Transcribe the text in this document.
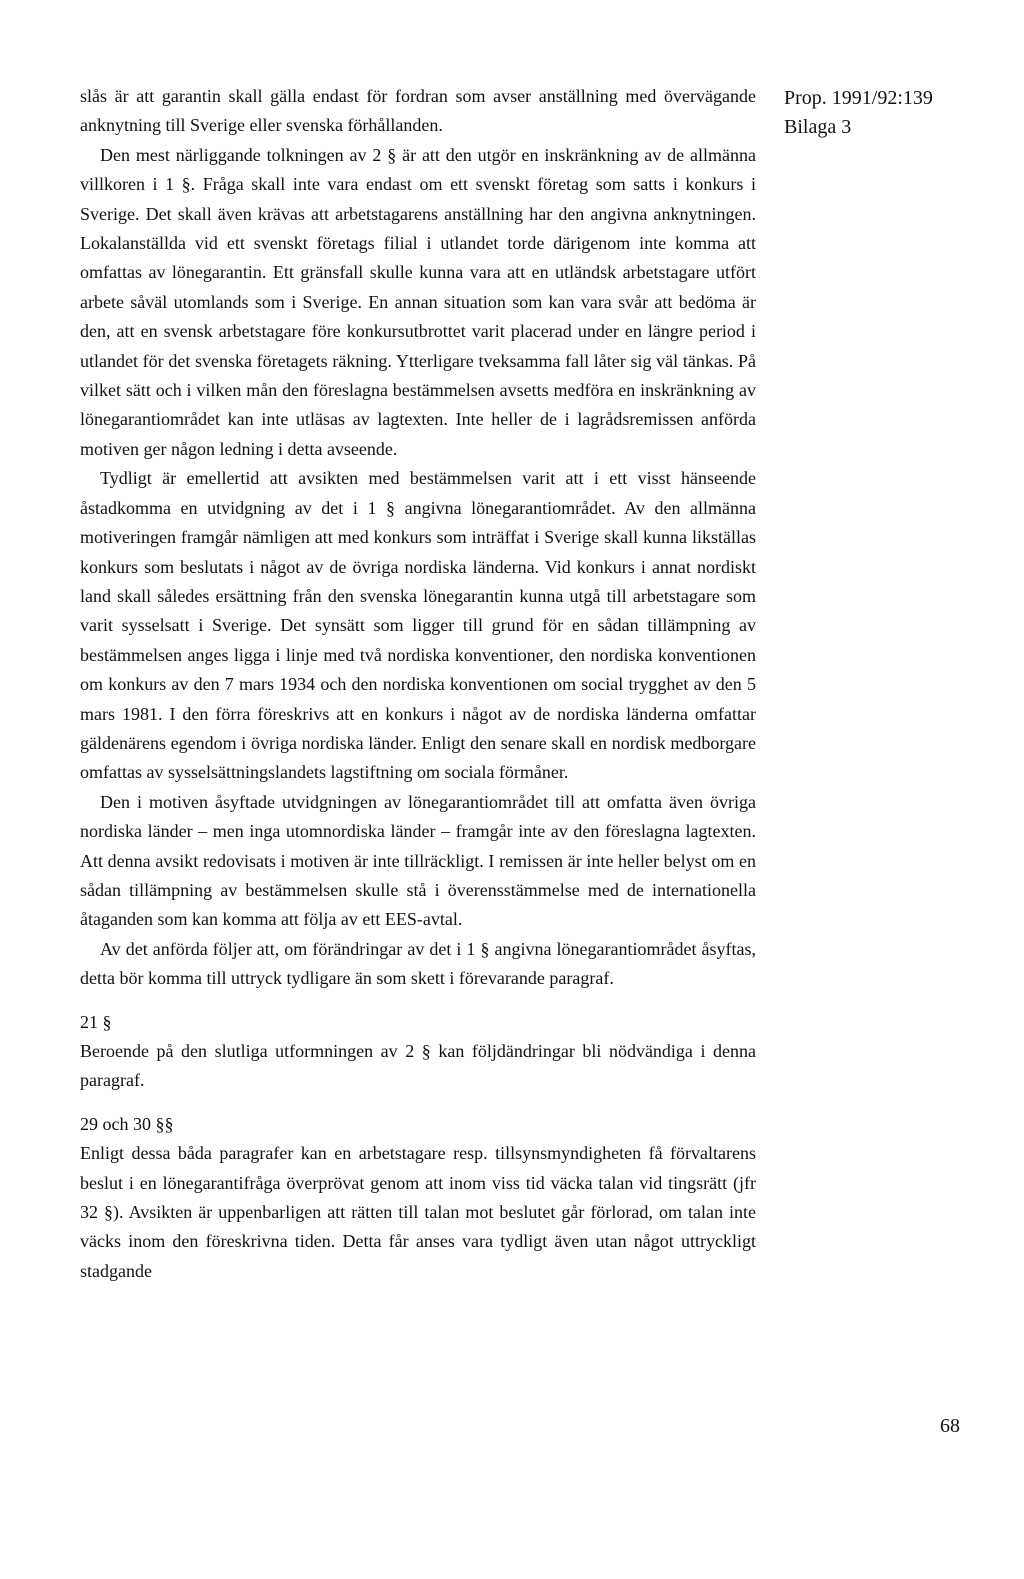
Prop. 1991/92:139
Bilaga 3

slås är att garantin skall gälla endast för fordran som avser anställning med övervägande anknytning till Sverige eller svenska förhållanden.

Den mest närliggande tolkningen av 2 § är att den utgör en inskränkning av de allmänna villkoren i 1 §. Fråga skall inte vara endast om ett svenskt företag som satts i konkurs i Sverige. Det skall även krävas att arbetstagarens anställning har den angivna anknytningen. Lokalanställda vid ett svenskt företags filial i utlandet torde därigenom inte komma att omfattas av lönegarantin. Ett gränsfall skulle kunna vara att en utländsk arbetstagare utfört arbete såväl utomlands som i Sverige. En annan situation som kan vara svår att bedöma är den, att en svensk arbetstagare före konkursutbrottet varit placerad under en längre period i utlandet för det svenska företagets räkning. Ytterligare tveksamma fall låter sig väl tänkas. På vilket sätt och i vilken mån den föreslagna bestämmelsen avsetts medföra en inskränkning av lönegarantiområdet kan inte utläsas av lagtexten. Inte heller de i lagrådsremissen anförda motiven ger någon ledning i detta avseende.

Tydligt är emellertid att avsikten med bestämmelsen varit att i ett visst hänseende åstadkomma en utvidgning av det i 1 § angivna lönegarantiområdet. Av den allmänna motiveringen framgår nämligen att med konkurs som inträffat i Sverige skall kunna likställas konkurs som beslutats i något av de övriga nordiska länderna. Vid konkurs i annat nordiskt land skall således ersättning från den svenska lönegarantin kunna utgå till arbetstagare som varit sysselsatt i Sverige. Det synsätt som ligger till grund för en sådan tillämpning av bestämmelsen anges ligga i linje med två nordiska konventioner, den nordiska konventionen om konkurs av den 7 mars 1934 och den nordiska konventionen om social trygghet av den 5 mars 1981. I den förra föreskrivs att en konkurs i något av de nordiska länderna omfattar gäldenärens egendom i övriga nordiska länder. Enligt den senare skall en nordisk medborgare omfattas av sysselsättningslandets lagstiftning om sociala förmåner.

Den i motiven åsyftade utvidgningen av lönegarantiområdet till att omfatta även övriga nordiska länder – men inga utomnordiska länder – framgår inte av den föreslagna lagtexten. Att denna avsikt redovisats i motiven är inte tillräckligt. I remissen är inte heller belyst om en sådan tillämpning av bestämmelsen skulle stå i överensstämmelse med de internationella åtaganden som kan komma att följa av ett EES-avtal.

Av det anförda följer att, om förändringar av det i 1 § angivna lönegarantiområdet åsyftas, detta bör komma till uttryck tydligare än som skett i förevarande paragraf.

21 §

Beroende på den slutliga utformningen av 2 § kan följdändringar bli nödvändiga i denna paragraf.

29 och 30 §§

Enligt dessa båda paragrafer kan en arbetstagare resp. tillsynsmyndigheten få förvaltarens beslut i en lönegarantifråga överprövat genom att inom viss tid väcka talan vid tingsrätt (jfr 32 §). Avsikten är uppenbarligen att rätten till talan mot beslutet går förlorad, om talan inte väcks inom den föreskrivna tiden. Detta får anses vara tydligt även utan något uttryckligt stadgande

68
